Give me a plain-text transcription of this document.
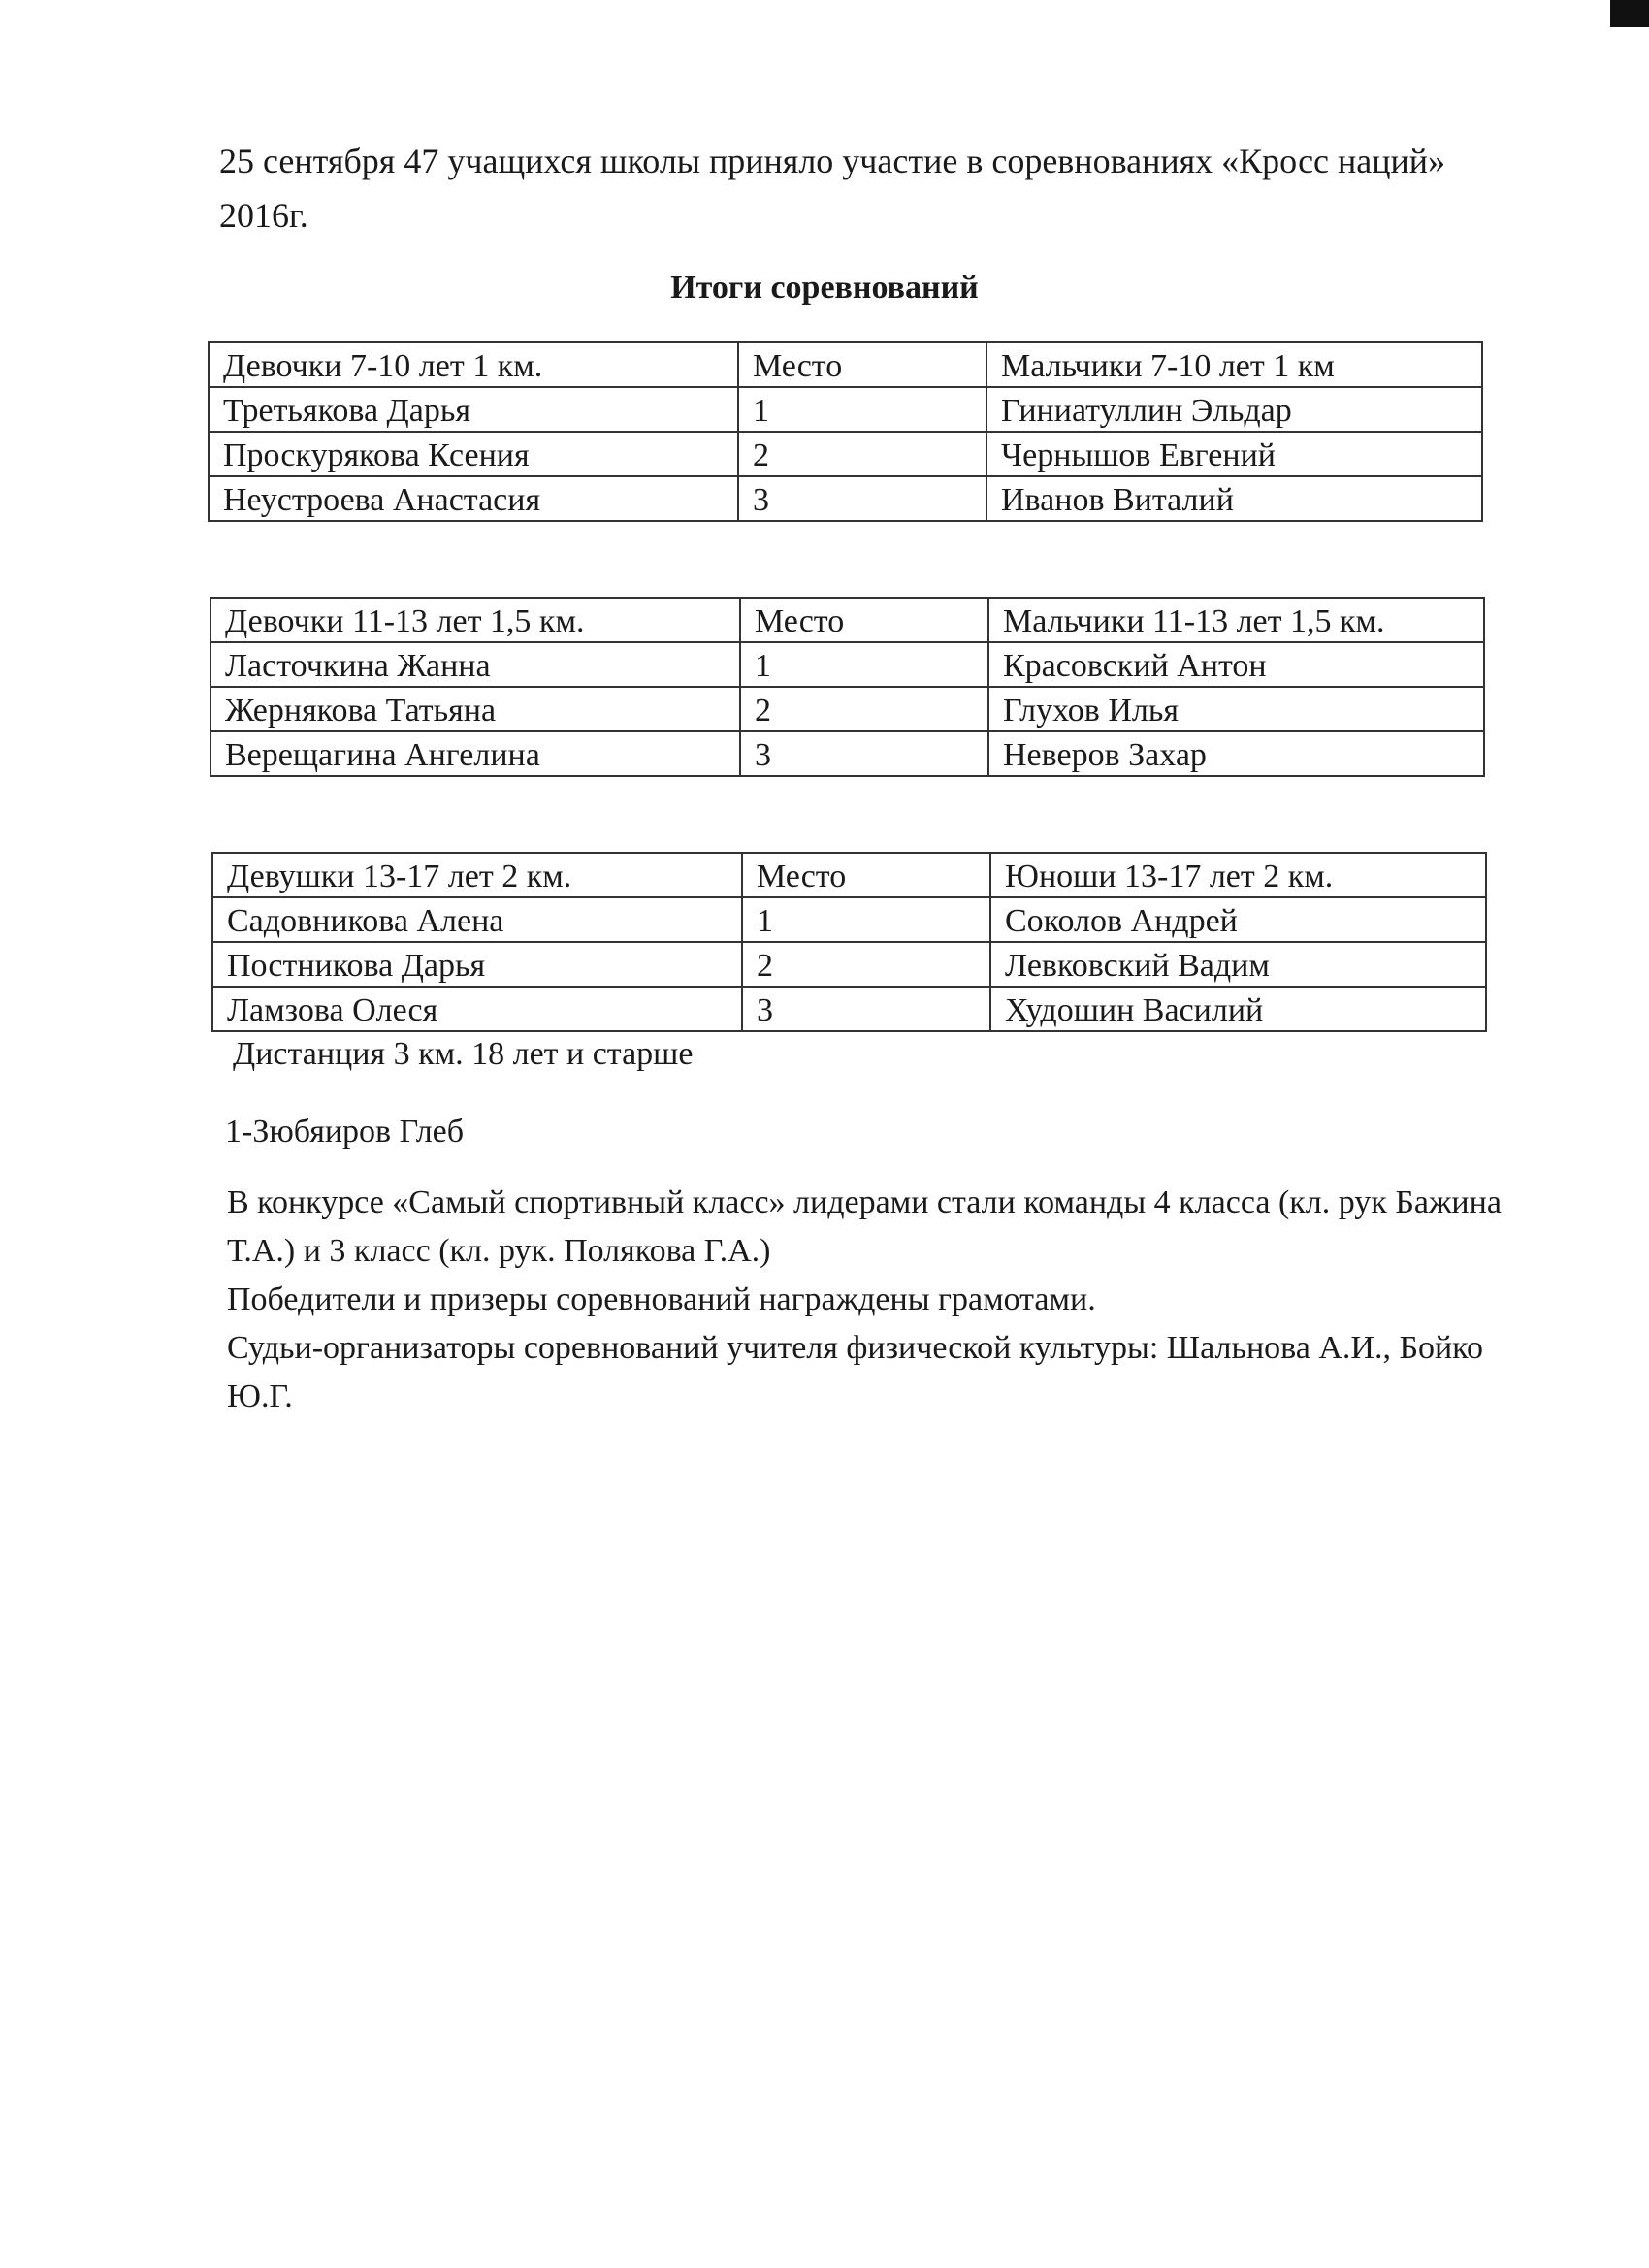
25 сентября 47 учащихся школы приняло участие в соревнованиях «Кросс наций» 2016г.
Итоги соревнований
Девочки 7-10 лет 1 км.	Место	Мальчики 7-10 лет 1 км
Третьякова Дарья	1	Гиниатуллин Эльдар
Проскурякова Ксения	2	Чернышов Евгений
Неустроева Анастасия	3	Иванов Виталий
Девочки 11-13 лет 1,5 км.	Место	Мальчики 11-13 лет 1,5 км.
Ласточкина Жанна	1	Красовский Антон
Жернякова Татьяна	2	Глухов Илья
Верещагина Ангелина	3	Неверов Захар
Девушки 13-17 лет 2 км.	Место	Юноши 13-17 лет 2 км.
Садовникова Алена	1	Соколов Андрей
Постникова Дарья	2	Левковский Вадим
Ламзова Олеся	3	Худошин Василий
Дистанция 3 км. 18 лет и старше
1-Зюбяиров Глеб

В конкурсе «Самый спортивный класс» лидерами стали команды 4 класса (кл. рук Бажина Т.А.) и 3 класс (кл. рук. Полякова Г.А.)

Победители и призеры соревнований награждены грамотами.

Судьи-организаторы соревнований учителя физической культуры: Шальнова А.И., Бойко Ю.Г.
